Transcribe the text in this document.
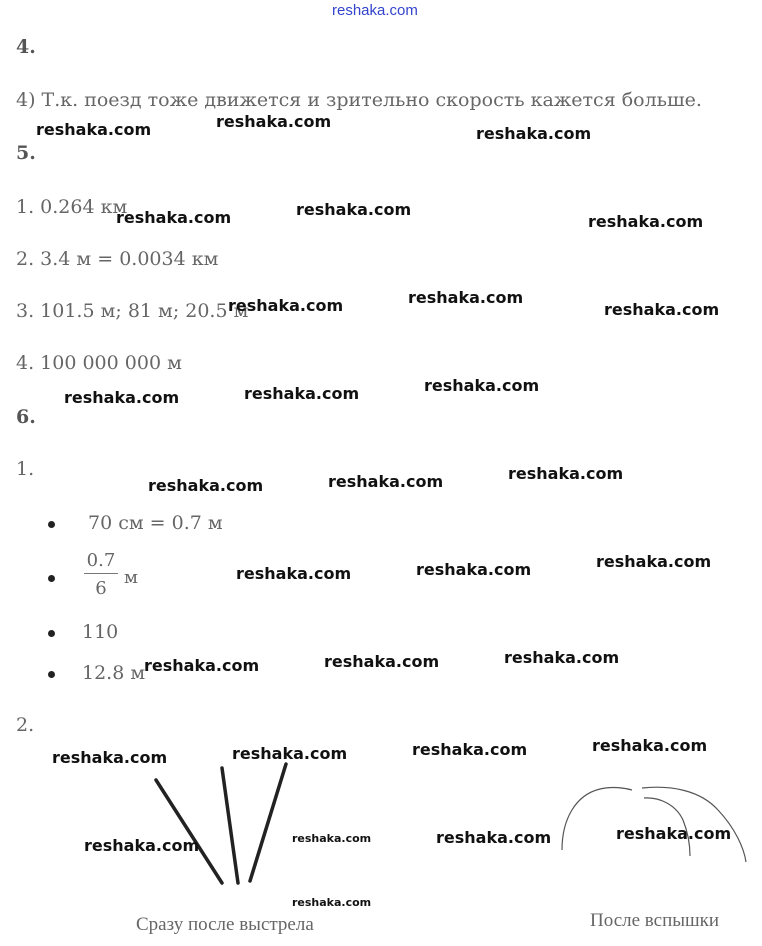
reshaka.com
4.
4) Т.к. поезд тоже движется и зрительно скорость кажется больше.
5.
1. 0.264 км
2. 3.4 м = 0.0034 км
3. 101.5 м; 81 м; 20.5 м
4. 100 000 000 м
6.
1.
70 см = 0.7 м
$\frac{0.7}{6}$ м
110
12.8 м
2.
Сразу после выстрела	После вспышки
reshaka.com	reshaka.com
reshaka.com
reshaka.com	reshaka.com
reshaka.com
reshaka.com	reshaka.com
reshaka.com
reshaka.com	reshaka.com	reshaka.com
reshaka.com	reshaka.com	reshaka.com
reshaka.com	reshaka.com	reshaka.com
reshaka.com	reshaka.com	reshaka.com
reshaka.com	reshaka.com	reshaka.com	reshaka.com
reshaka.com	reshaka.com	reshaka.com	reshaka.com
reshaka.com
